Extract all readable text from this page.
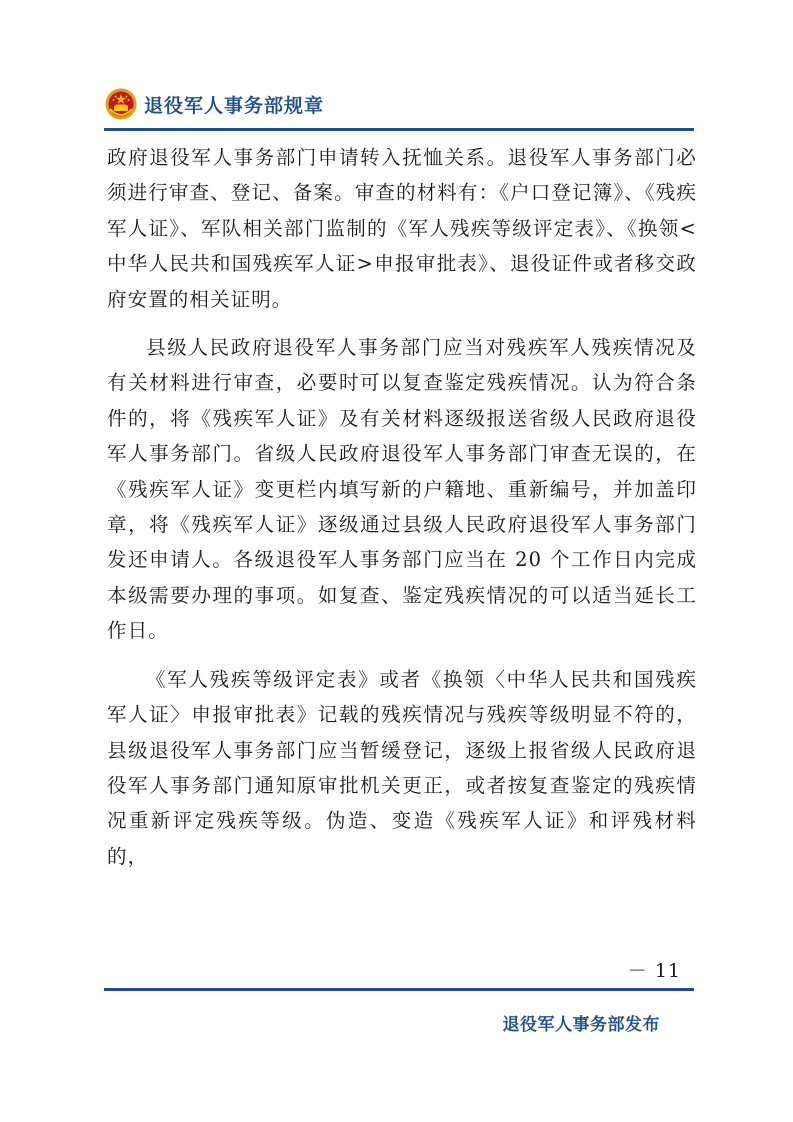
退役军人事务部规章

政府退役军人事务部门申请转入抚恤关系。退役军人事务部门必须进行审查、登记、备案。审查的材料有：《户口登记簿》、《残疾军人证》、军队相关部门监制的《军人残疾等级评定表》、《换领<中华人民共和国残疾军人证>申报审批表》、退役证件或者移交政府安置的相关证明。

县级人民政府退役军人事务部门应当对残疾军人残疾情况及有关材料进行审查，必要时可以复查鉴定残疾情况。认为符合条件的，将《残疾军人证》及有关材料逐级报送省级人民政府退役军人事务部门。省级人民政府退役军人事务部门审查无误的，在《残疾军人证》变更栏内填写新的户籍地、重新编号，并加盖印章，将《残疾军人证》逐级通过县级人民政府退役军人事务部门发还申请人。各级退役军人事务部门应当在 20 个工作日内完成本级需要办理的事项。如复查、鉴定残疾情况的可以适当延长工作日。

《军人残疾等级评定表》或者《换领〈中华人民共和国残疾军人证〉申报审批表》记载的残疾情况与残疾等级明显不符的，县级退役军人事务部门应当暂缓登记，逐级上报省级人民政府退役军人事务部门通知原审批机关更正，或者按复查鉴定的残疾情况重新评定残疾等级。伪造、变造《残疾军人证》和评残材料的，

－ 11
退役军人事务部发布
